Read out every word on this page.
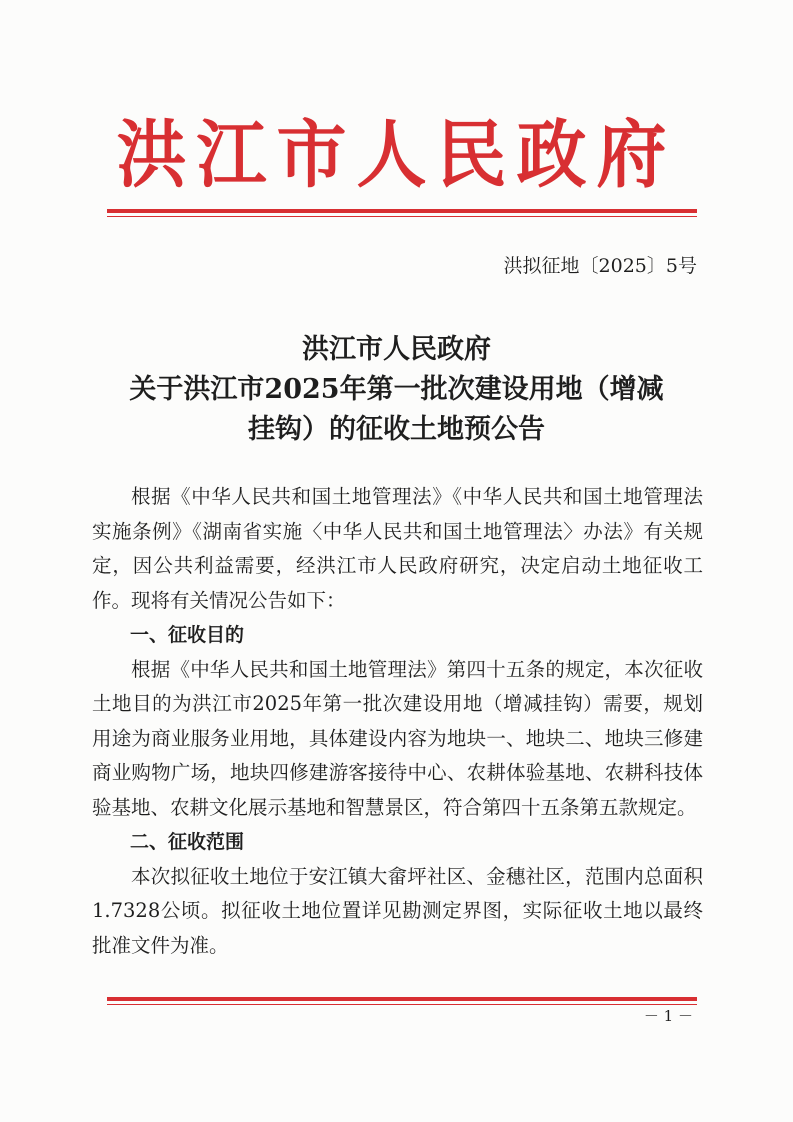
洪江市人民政府
洪拟征地〔2025〕5号
洪江市人民政府
关于洪江市2025年第一批次建设用地（增减
挂钩）的征收土地预公告

根据《中华人民共和国土地管理法》《中华人民共和国土地管理法实施条例》《湖南省实施〈中华人民共和国土地管理法〉办法》有关规定，因公共利益需要，经洪江市人民政府研究，决定启动土地征收工作。现将有关情况公告如下：

一、征收目的

根据《中华人民共和国土地管理法》第四十五条的规定，本次征收土地目的为洪江市2025年第一批次建设用地（增减挂钩）需要，规划用途为商业服务业用地，具体建设内容为地块一、地块二、地块三修建商业购物广场，地块四修建游客接待中心、农耕体验基地、农耕科技体验基地、农耕文化展示基地和智慧景区，符合第四十五条第五款规定。

二、征收范围

本次拟征收土地位于安江镇大畲坪社区、金穗社区，范围内总面积1.7328公顷。拟征收土地位置详见勘测定界图，实际征收土地以最终批准文件为准。

－ 1 －
